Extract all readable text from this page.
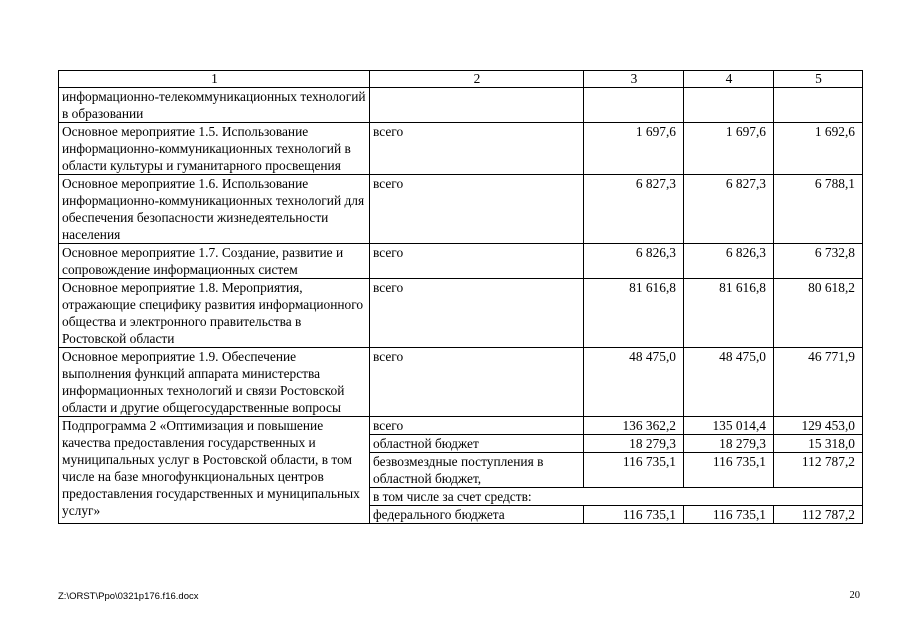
1	2	3	4	5
информационно-телекоммуникационных технологий в образовании				
Основное мероприятие 1.5. Использование информационно-коммуникационных технологий в области культуры и гуманитарного просвещения	всего	1 697,6	1 697,6	1 692,6
Основное мероприятие 1.6. Использование информационно-коммуникационных технологий для обеспечения безопасности жизнедеятельности населения	всего	6 827,3	6 827,3	6 788,1
Основное мероприятие 1.7. Создание, развитие и сопровождение информационных систем	всего	6 826,3	6 826,3	6 732,8
Основное мероприятие 1.8. Мероприятия, отражающие специфику развития информационного общества и электронного правительства в Ростовской области	всего	81 616,8	81 616,8	80 618,2
Основное мероприятие 1.9. Обеспечение выполнения функций аппарата министерства информационных технологий и связи Ростовской области и другие общегосударственные вопросы	всего	48 475,0	48 475,0	46 771,9
Подпрограмма 2 «Оптимизация и повышение качества предоставления государственных и муниципальных услуг в Ростовской области, в том числе на базе многофункциональных центров предоставления государственных и муниципальных услуг»	всего	136 362,2	135 014,4	129 453,0
	областной бюджет	18 279,3	18 279,3	15 318,0
	безвозмездные поступления в областной бюджет,	116 735,1	116 735,1	112 787,2
	в том числе за счет средств:			
	федерального бюджета	116 735,1	116 735,1	112 787,2
Z:\ORST\Ppo\0321p176.f16.docx	20
